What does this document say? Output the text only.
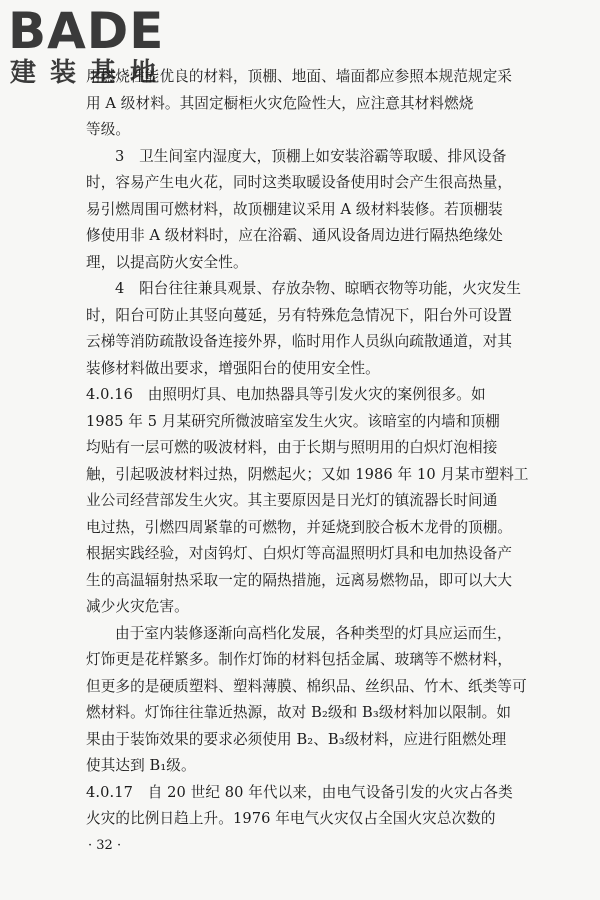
BADE
建装基地
用燃烧性能优良的材料，顶棚、地面、墙面都应参照本规范规定采
用 A 级材料。其固定橱柜火灾危险性大，应注意其材料燃烧
等级。
3　卫生间室内湿度大，顶棚上如安装浴霸等取暖、排风设备
时，容易产生电火花，同时这类取暖设备使用时会产生很高热量，
易引燃周围可燃材料，故顶棚建议采用 A 级材料装修。若顶棚装
修使用非 A 级材料时，应在浴霸、通风设备周边进行隔热绝缘处
理，以提高防火安全性。
4　阳台往往兼具观景、存放杂物、晾晒衣物等功能，火灾发生
时，阳台可防止其竖向蔓延，另有特殊危急情况下，阳台外可设置
云梯等消防疏散设备连接外界，临时用作人员纵向疏散通道，对其
装修材料做出要求，增强阳台的使用安全性。
4.0.16　由照明灯具、电加热器具等引发火灾的案例很多。如
1985 年 5 月某研究所微波暗室发生火灾。该暗室的内墙和顶棚
均贴有一层可燃的吸波材料，由于长期与照明用的白炽灯泡相接
触，引起吸波材料过热，阴燃起火；又如 1986 年 10 月某市塑料工
业公司经营部发生火灾。其主要原因是日光灯的镇流器长时间通
电过热，引燃四周紧靠的可燃物，并延烧到胶合板木龙骨的顶棚。
根据实践经验，对卤钨灯、白炽灯等高温照明灯具和电加热设备产
生的高温辐射热采取一定的隔热措施，远离易燃物品，即可以大大
减少火灾危害。
由于室内装修逐渐向高档化发展，各种类型的灯具应运而生，
灯饰更是花样繁多。制作灯饰的材料包括金属、玻璃等不燃材料，
但更多的是硬质塑料、塑料薄膜、棉织品、丝织品、竹木、纸类等可
燃材料。灯饰往往靠近热源，故对 B₂级和 B₃级材料加以限制。如
果由于装饰效果的要求必须使用 B₂、B₃级材料，应进行阻燃处理
使其达到 B₁级。
4.0.17　自 20 世纪 80 年代以来，由电气设备引发的火灾占各类
火灾的比例日趋上升。1976 年电气火灾仅占全国火灾总次数的
· 32 ·
